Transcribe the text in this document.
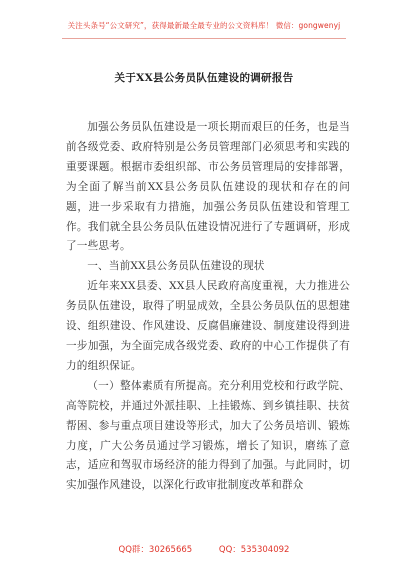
关注头条号“公文研究”，获得最新最全最专业的公文资料库！ 微信：gongwenyj
关于XX县公务员队伍建设的调研报告

加强公务员队伍建设是一项长期而艰巨的任务，也是当前各级党委、政府特别是公务员管理部门必须思考和实践的重要课题。根据市委组织部、市公务员管理局的安排部署，为全面了解当前XX县公务员队伍建设的现状和存在的问题，进一步采取有力措施，加强公务员队伍建设和管理工作。我们就全县公务员队伍建设情况进行了专题调研，形成了一些思考。

一、当前XX县公务员队伍建设的现状

近年来XX县委、XX县人民政府高度重视，大力推进公务员队伍建设，取得了明显成效，全县公务员队伍的思想建设、组织建设、作风建设、反腐倡廉建设、制度建设得到进一步加强，为全面完成各级党委、政府的中心工作提供了有力的组织保证。

（一）整体素质有所提高。充分利用党校和行政学院、高等院校，并通过外派挂职、上挂锻炼、到乡镇挂职、扶贫帮困、参与重点项目建设等形式，加大了公务员培训、锻炼力度，广大公务员通过学习锻炼，增长了知识，磨练了意志，适应和驾驭市场经济的能力得到了加强。与此同时，切实加强作风建设，以深化行政审批制度改革和群众

QQ群：30265665	QQ：535304092
